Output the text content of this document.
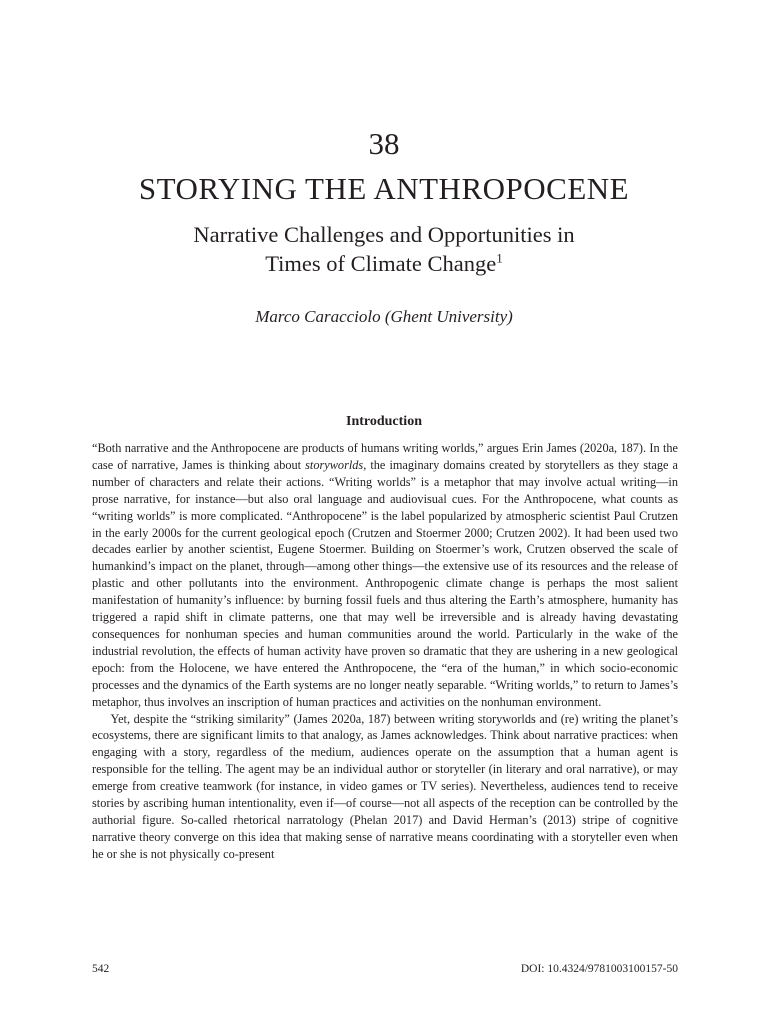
38
STORYING THE ANTHROPOCENE
Narrative Challenges and Opportunities in
Times of Climate Change$^1$
Marco Caracciolo (Ghent University)
Introduction

“Both narrative and the Anthropocene are products of humans writing worlds,” argues Erin James (2020a, 187). In the case of narrative, James is thinking about storyworlds, the imaginary domains created by storytellers as they stage a number of characters and relate their actions. “Writing worlds” is a metaphor that may involve actual writing—in prose narrative, for instance—but also oral language and audiovisual cues. For the Anthropocene, what counts as “writing worlds” is more complicated. “Anthropocene” is the label popularized by atmospheric scientist Paul Crutzen in the early 2000s for the current geological epoch (Crutzen and Stoermer 2000; Crutzen 2002). It had been used two decades earlier by another scientist, Eugene Stoermer. Building on Stoermer’s work, Crutzen observed the scale of humankind’s impact on the planet, through—among other things—the extensive use of its resources and the release of plastic and other pollutants into the environment. Anthropogenic climate change is perhaps the most salient manifestation of humanity’s influence: by burning fossil fuels and thus altering the Earth’s atmosphere, humanity has triggered a rapid shift in climate patterns, one that may well be irreversible and is already having devastating consequences for nonhuman species and human communities around the world. Particularly in the wake of the industrial revolution, the effects of human activity have proven so dramatic that they are ushering in a new geological epoch: from the Holocene, we have entered the Anthropocene, the “era of the human,” in which socio-economic processes and the dynamics of the Earth systems are no longer neatly separable. “Writing worlds,” to return to James’s metaphor, thus involves an inscription of human practices and activities on the nonhuman environment.

Yet, despite the “striking similarity” (James 2020a, 187) between writing storyworlds and (re) writing the planet’s ecosystems, there are significant limits to that analogy, as James acknowledges. Think about narrative practices: when engaging with a story, regardless of the medium, audiences operate on the assumption that a human agent is responsible for the telling. The agent may be an individual author or storyteller (in literary and oral narrative), or may emerge from creative teamwork (for instance, in video games or TV series). Nevertheless, audiences tend to receive stories by ascribing human intentionality, even if—of course—not all aspects of the reception can be controlled by the authorial figure. So-called rhetorical narratology (Phelan 2017) and David Herman’s (2013) stripe of cognitive narrative theory converge on this idea that making sense of narrative means coordinating with a storyteller even when he or she is not physically co-present

542	DOI: 10.4324/9781003100157-50
